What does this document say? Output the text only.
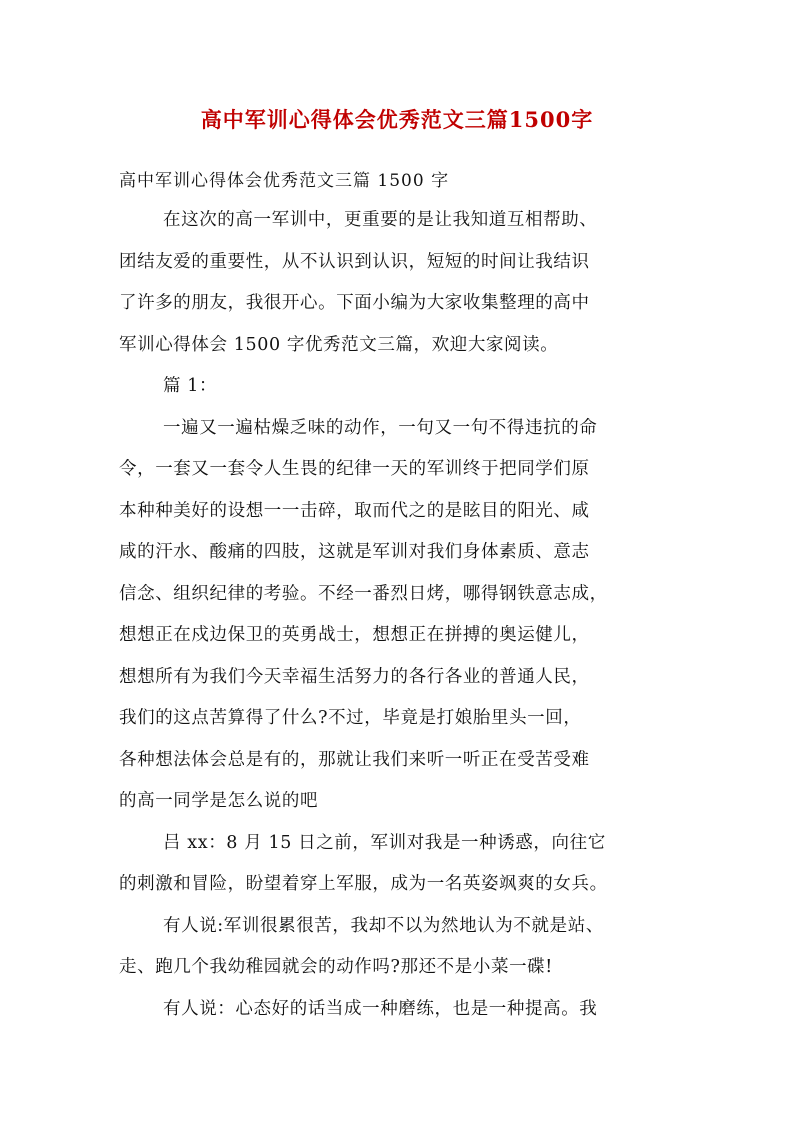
高中军训心得体会优秀范文三篇1500字
高中军训心得体会优秀范文三篇 1500 字
在这次的高一军训中，更重要的是让我知道互相帮助、
团结友爱的重要性，从不认识到认识，短短的时间让我结识
了许多的朋友，我很开心。下面小编为大家收集整理的高中
军训心得体会 1500 字优秀范文三篇，欢迎大家阅读。
篇 1：
一遍又一遍枯燥乏味的动作，一句又一句不得违抗的命
令，一套又一套令人生畏的纪律一天的军训终于把同学们原
本种种美好的设想一一击碎，取而代之的是眩目的阳光、咸
咸的汗水、酸痛的四肢，这就是军训对我们身体素质、意志
信念、组织纪律的考验。不经一番烈日烤，哪得钢铁意志成，
想想正在戍边保卫的英勇战士，想想正在拼搏的奥运健儿，
想想所有为我们今天幸福生活努力的各行各业的普通人民，
我们的这点苦算得了什么?不过，毕竟是打娘胎里头一回，
各种想法体会总是有的，那就让我们来听一听正在受苦受难
的高一同学是怎么说的吧
吕 xx：8 月 15 日之前，军训对我是一种诱惑，向往它
的刺激和冒险，盼望着穿上军服，成为一名英姿飒爽的女兵。
有人说:军训很累很苦，我却不以为然地认为不就是站、
走、跑几个我幼稚园就会的动作吗?那还不是小菜一碟!
有人说：心态好的话当成一种磨练，也是一种提高。我
